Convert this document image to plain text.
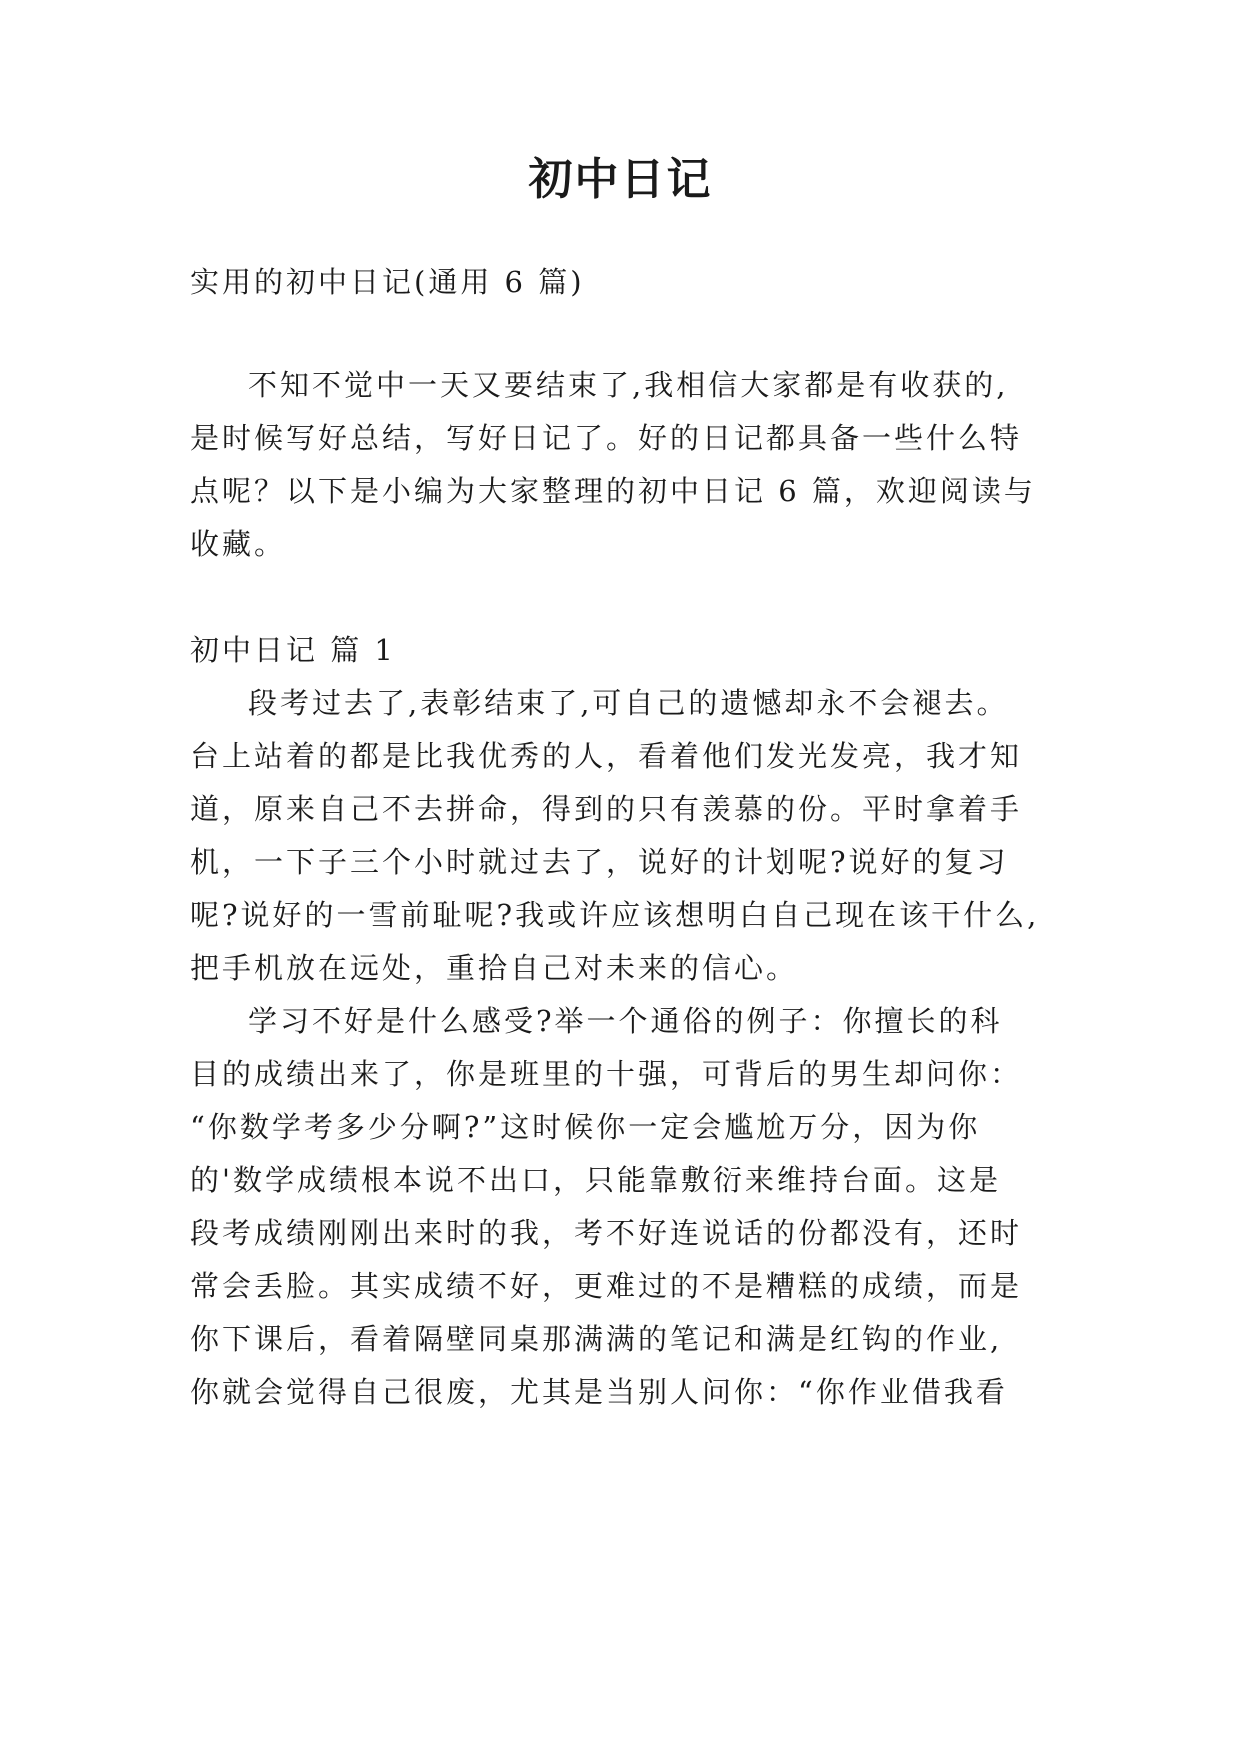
初中日记

实用的初中日记(通用 6 篇)

不知不觉中一天又要结束了,我相信大家都是有收获的,

是时候写好总结，写好日记了。好的日记都具备一些什么特

点呢？以下是小编为大家整理的初中日记 6 篇，欢迎阅读与

收藏。

初中日记 篇 1

段考过去了,表彰结束了,可自己的遗憾却永不会褪去。

台上站着的都是比我优秀的人，看着他们发光发亮，我才知

道，原来自己不去拼命，得到的只有羡慕的份。平时拿着手

机，一下子三个小时就过去了，说好的计划呢?说好的复习

呢?说好的一雪前耻呢?我或许应该想明白自己现在该干什么,

把手机放在远处，重拾自己对未来的信心。

学习不好是什么感受?举一个通俗的例子：你擅长的科

目的成绩出来了，你是班里的十强，可背后的男生却问你：

“你数学考多少分啊?”这时候你一定会尴尬万分，因为你

的'数学成绩根本说不出口，只能靠敷衍来维持台面。这是

段考成绩刚刚出来时的我，考不好连说话的份都没有，还时

常会丢脸。其实成绩不好，更难过的不是糟糕的成绩，而是

你下课后，看着隔壁同桌那满满的笔记和满是红钩的作业,

你就会觉得自己很废，尤其是当别人问你：“你作业借我看
